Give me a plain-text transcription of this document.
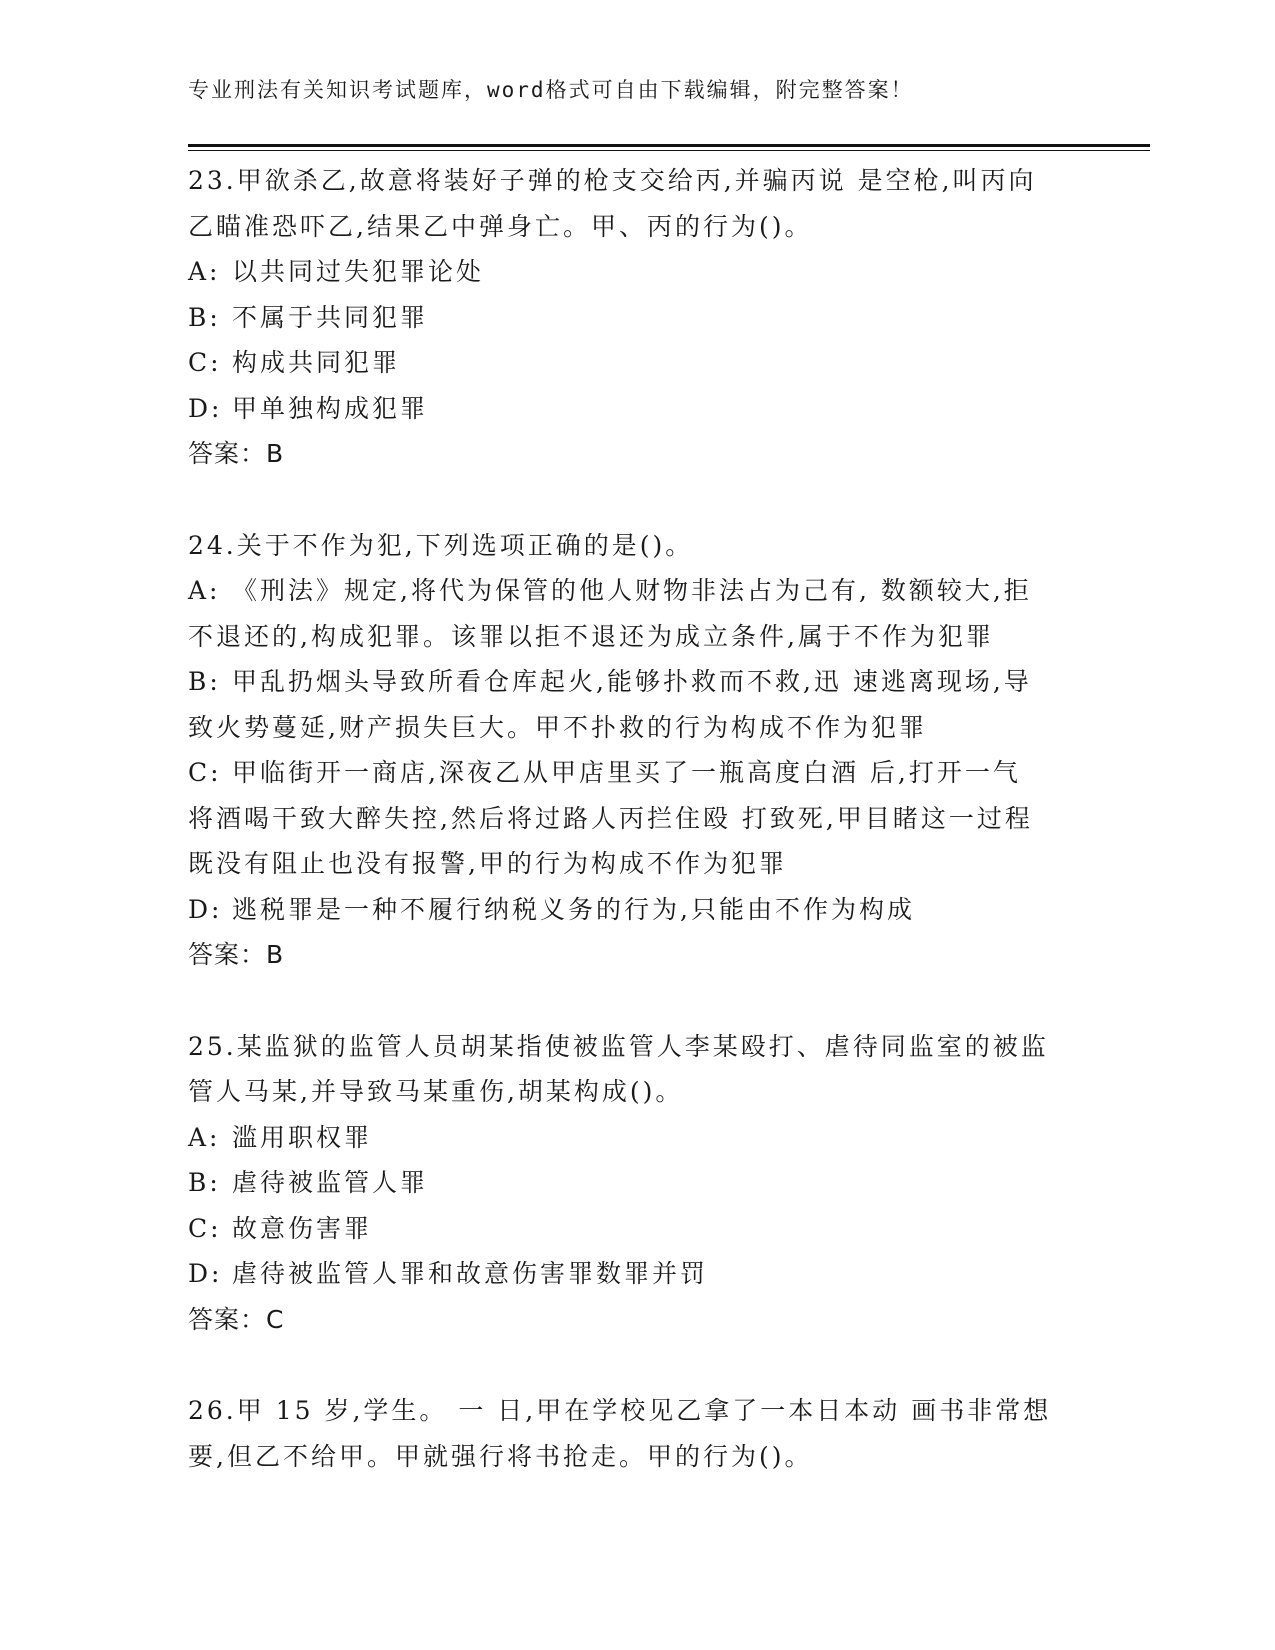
专业刑法有关知识考试题库，word格式可自由下载编辑，附完整答案！
23.甲欲杀乙,故意将装好子弹的枪支交给丙,并骗丙说 是空枪,叫丙向
乙瞄准恐吓乙,结果乙中弹身亡。甲、丙的行为()。
A: 以共同过失犯罪论处
B: 不属于共同犯罪
C: 构成共同犯罪
D: 甲单独构成犯罪
答案：B
24.关于不作为犯,下列选项正确的是()。
A: 《刑法》规定,将代为保管的他人财物非法占为己有, 数额较大,拒
不退还的,构成犯罪。该罪以拒不退还为成立条件,属于不作为犯罪
B: 甲乱扔烟头导致所看仓库起火,能够扑救而不救,迅 速逃离现场,导
致火势蔓延,财产损失巨大。甲不扑救的行为构成不作为犯罪
C: 甲临街开一商店,深夜乙从甲店里买了一瓶高度白酒 后,打开一气
将酒喝干致大醉失控,然后将过路人丙拦住殴 打致死,甲目睹这一过程
既没有阻止也没有报警,甲的行为构成不作为犯罪
D: 逃税罪是一种不履行纳税义务的行为,只能由不作为构成
答案：B
25.某监狱的监管人员胡某指使被监管人李某殴打、虐待同监室的被监
管人马某,并导致马某重伤,胡某构成()。
A: 滥用职权罪
B: 虐待被监管人罪
C: 故意伤害罪
D: 虐待被监管人罪和故意伤害罪数罪并罚
答案：C
26.甲 15 岁,学生。 一 日,甲在学校见乙拿了一本日本动 画书非常想
要,但乙不给甲。甲就强行将书抢走。甲的行为()。
